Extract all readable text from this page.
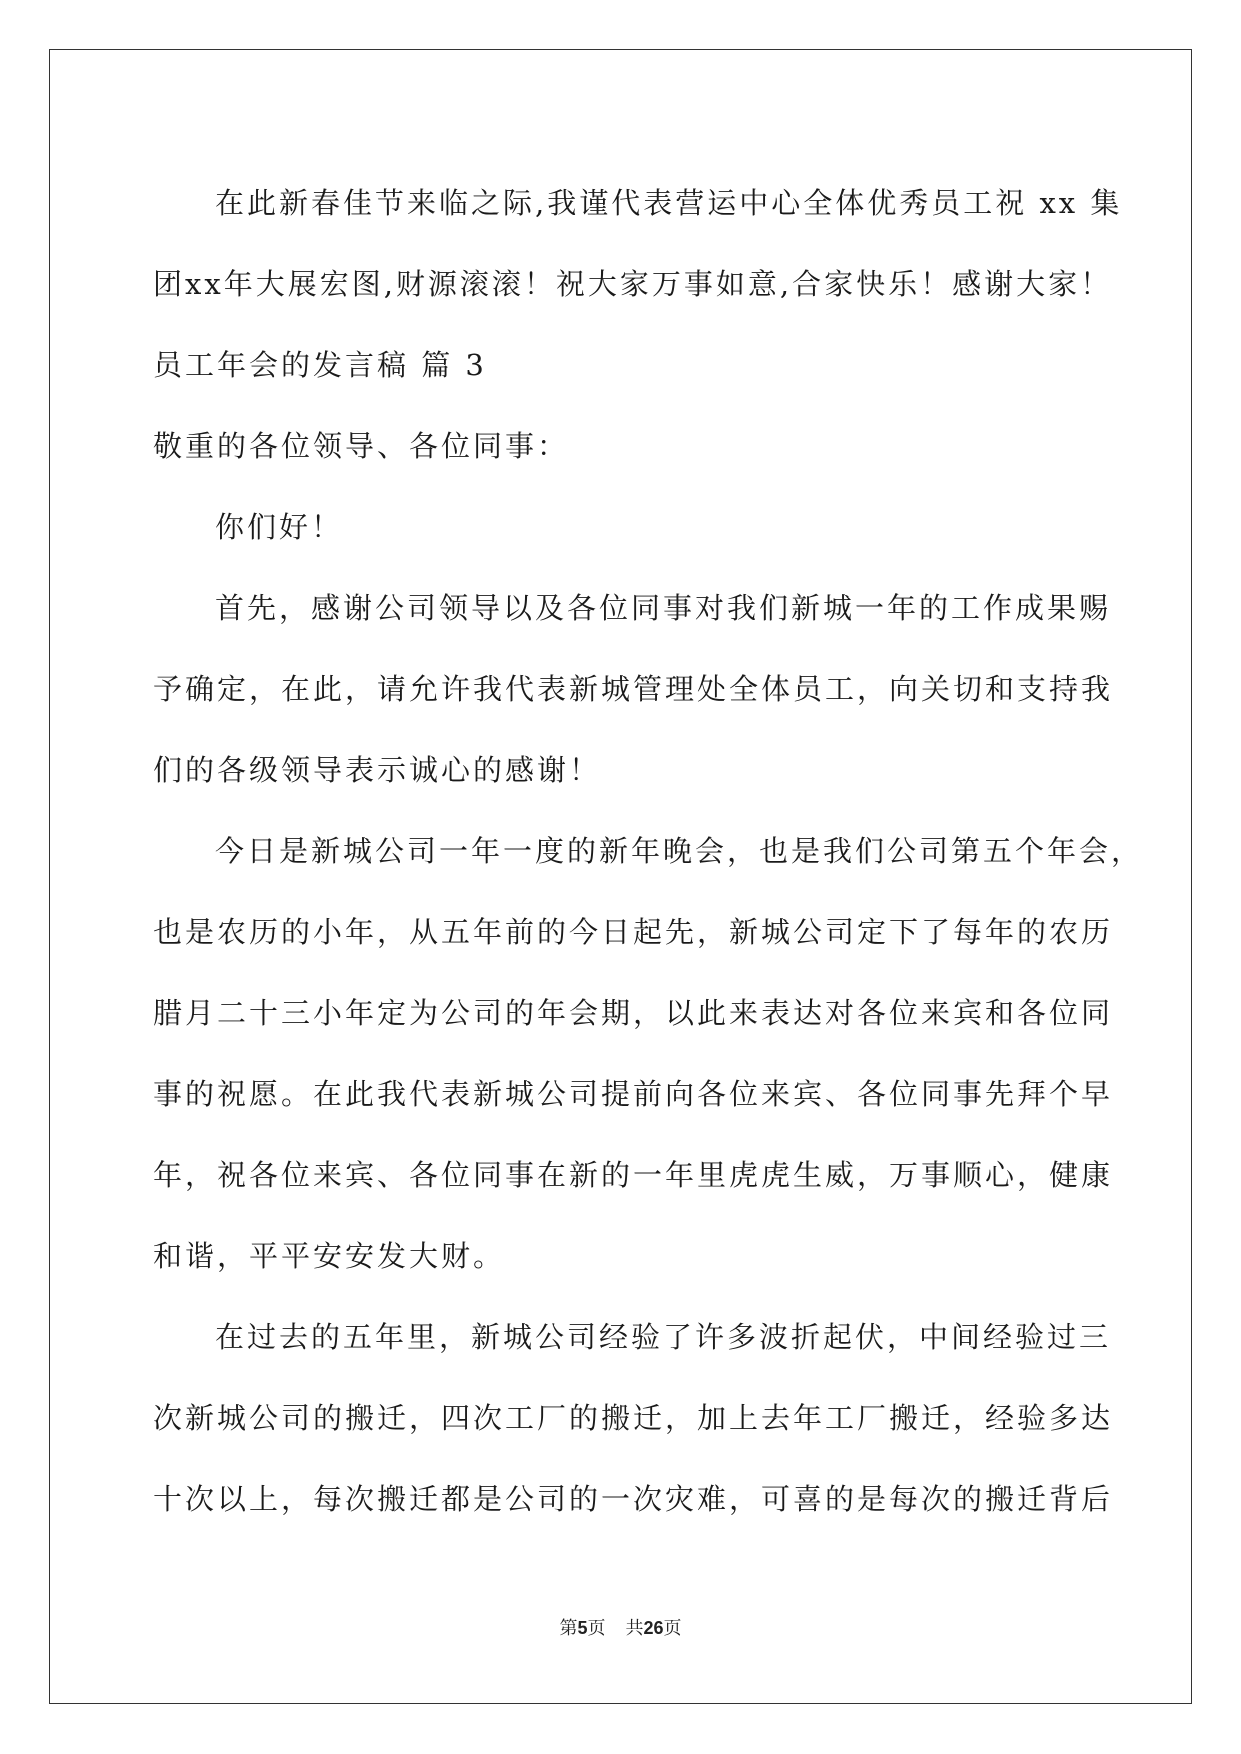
在此新春佳节来临之际,我谨代表营运中心全体优秀员工祝 xx 集
团xx年大展宏图,财源滚滚！祝大家万事如意,合家快乐！感谢大家！
员工年会的发言稿 篇 3
敬重的各位领导、各位同事：
你们好！
首先，感谢公司领导以及各位同事对我们新城一年的工作成果赐
予确定，在此，请允许我代表新城管理处全体员工，向关切和支持我
们的各级领导表示诚心的感谢！
今日是新城公司一年一度的新年晚会，也是我们公司第五个年会，
也是农历的小年，从五年前的今日起先，新城公司定下了每年的农历
腊月二十三小年定为公司的年会期，以此来表达对各位来宾和各位同
事的祝愿。在此我代表新城公司提前向各位来宾、各位同事先拜个早
年，祝各位来宾、各位同事在新的一年里虎虎生威，万事顺心，健康
和谐，平平安安发大财。
在过去的五年里，新城公司经验了许多波折起伏，中间经验过三
次新城公司的搬迁，四次工厂的搬迁，加上去年工厂搬迁，经验多达
十次以上，每次搬迁都是公司的一次灾难，可喜的是每次的搬迁背后
第5页 共26页
